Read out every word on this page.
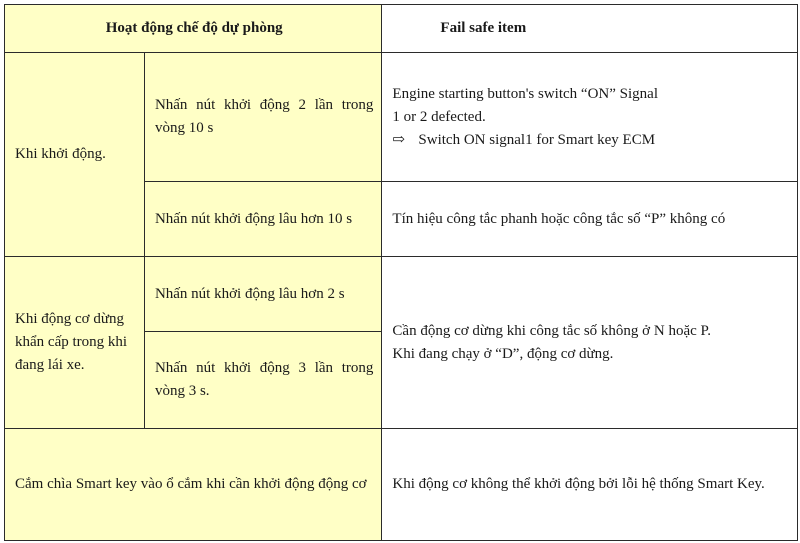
Hoạt động chế độ dự phòng		Fail safe item
Khi khởi động.	Nhấn nút khởi động 2 lần trong vòng 10 s	Engine starting button's switch “ON” Signal
1 or 2 defected.
⇨ Switch ON signal1 for Smart key ECM

	Nhấn nút khởi động lâu hơn 10 s	Tín hiệu công tắc phanh hoặc công tắc số “P” không có
Khi động cơ dừng khẩn cấp trong khi đang lái xe.	Nhấn nút khởi động lâu hơn 2 s	Cần động cơ dừng khi công tắc số không ở N hoặc P.
Khi đang chạy ở “D”, động cơ dừng.

	Nhấn nút khởi động 3 lần trong vòng 3 s.	
Cắm chìa Smart key vào ổ cắm khi cần khởi động động cơ		Khi động cơ không thể khởi động bởi lỗi hệ thống Smart Key.
